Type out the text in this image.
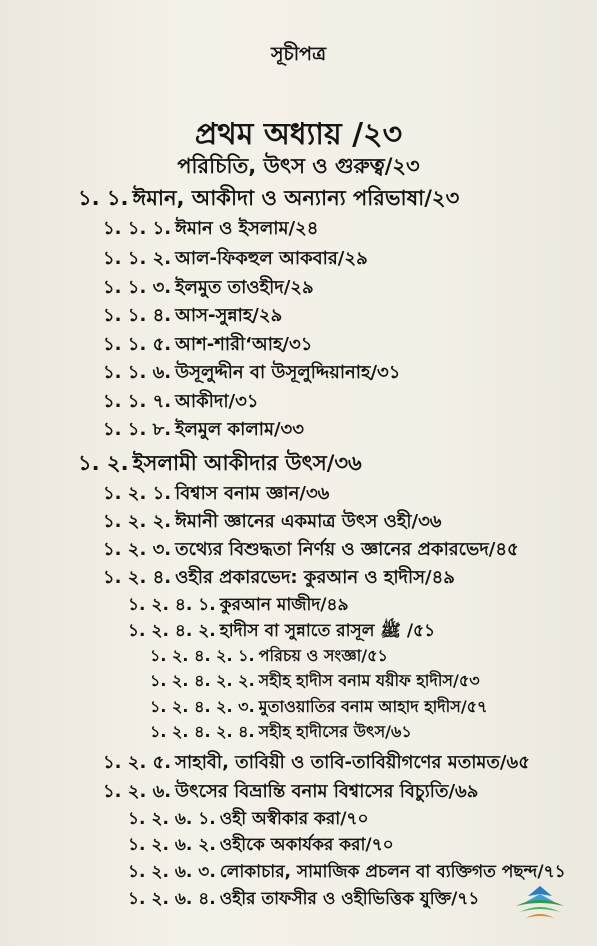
সূচীপত্র
প্রথম অধ্যায় /২৩
পরিচিতি, উৎস ও গুরুত্ব/২৩
১. ১. ঈমান, আকীদা ও অন্যান্য পরিভাষা/২৩
১. ১. ১. ঈমান ও ইসলাম/২৪
১. ১. ২. আল-ফিকহুল আকবার/২৯
১. ১. ৩. ইলমুত তাওহীদ/২৯
১. ১. ৪. আস-সুন্নাহ/২৯
১. ১. ৫. আশ-শারী‘আহ/৩১
১. ১. ৬. উসূলুদ্দীন বা উসূলুদ্দিয়ানাহ/৩১
১. ১. ৭. আকীদা/৩১
১. ১. ৮. ইলমুল কালাম/৩৩
১. ২. ইসলামী আকীদার উৎস/৩৬
১. ২. ১. বিশ্বাস বনাম জ্ঞান/৩৬
১. ২. ২. ঈমানী জ্ঞানের একমাত্র উৎস ওহী/৩৬
১. ২. ৩. তথ্যের বিশুদ্ধতা নির্ণয় ও জ্ঞানের প্রকারভেদ/৪৫
১. ২. ৪. ওহীর প্রকারভেদ: কুরআন ও হাদীস/৪৯
১. ২. ৪. ১. কুরআন মাজীদ/৪৯
১. ২. ৪. ২. হাদীস বা সুন্নাতে রাসূল ﷺ /৫১
১. ২. ৪. ২. ১. পরিচয় ও সংজ্ঞা/৫১
১. ২. ৪. ২. ২. সহীহ হাদীস বনাম যয়ীফ হাদীস/৫৩
১. ২. ৪. ২. ৩. মুতাওয়াতির বনাম আহাদ হাদীস/৫৭
১. ২. ৪. ২. ৪. সহীহ হাদীসের উৎস/৬১
১. ২. ৫. সাহাবী, তাবিয়ী ও তাবি-তাবিয়ীগণের মতামত/৬৫
১. ২. ৬. উৎসের বিভ্রান্তি বনাম বিশ্বাসের বিচ্যুতি/৬৯
১. ২. ৬. ১. ওহী অস্বীকার করা/৭০
১. ২. ৬. ২. ওহীকে অকার্যকর করা/৭০
১. ২. ৬. ৩. লোকাচার, সামাজিক প্রচলন বা ব্যক্তিগত পছন্দ/৭১
১. ২. ৬. ৪. ওহীর তাফসীর ও ওহীভিত্তিক যুক্তি/৭১
